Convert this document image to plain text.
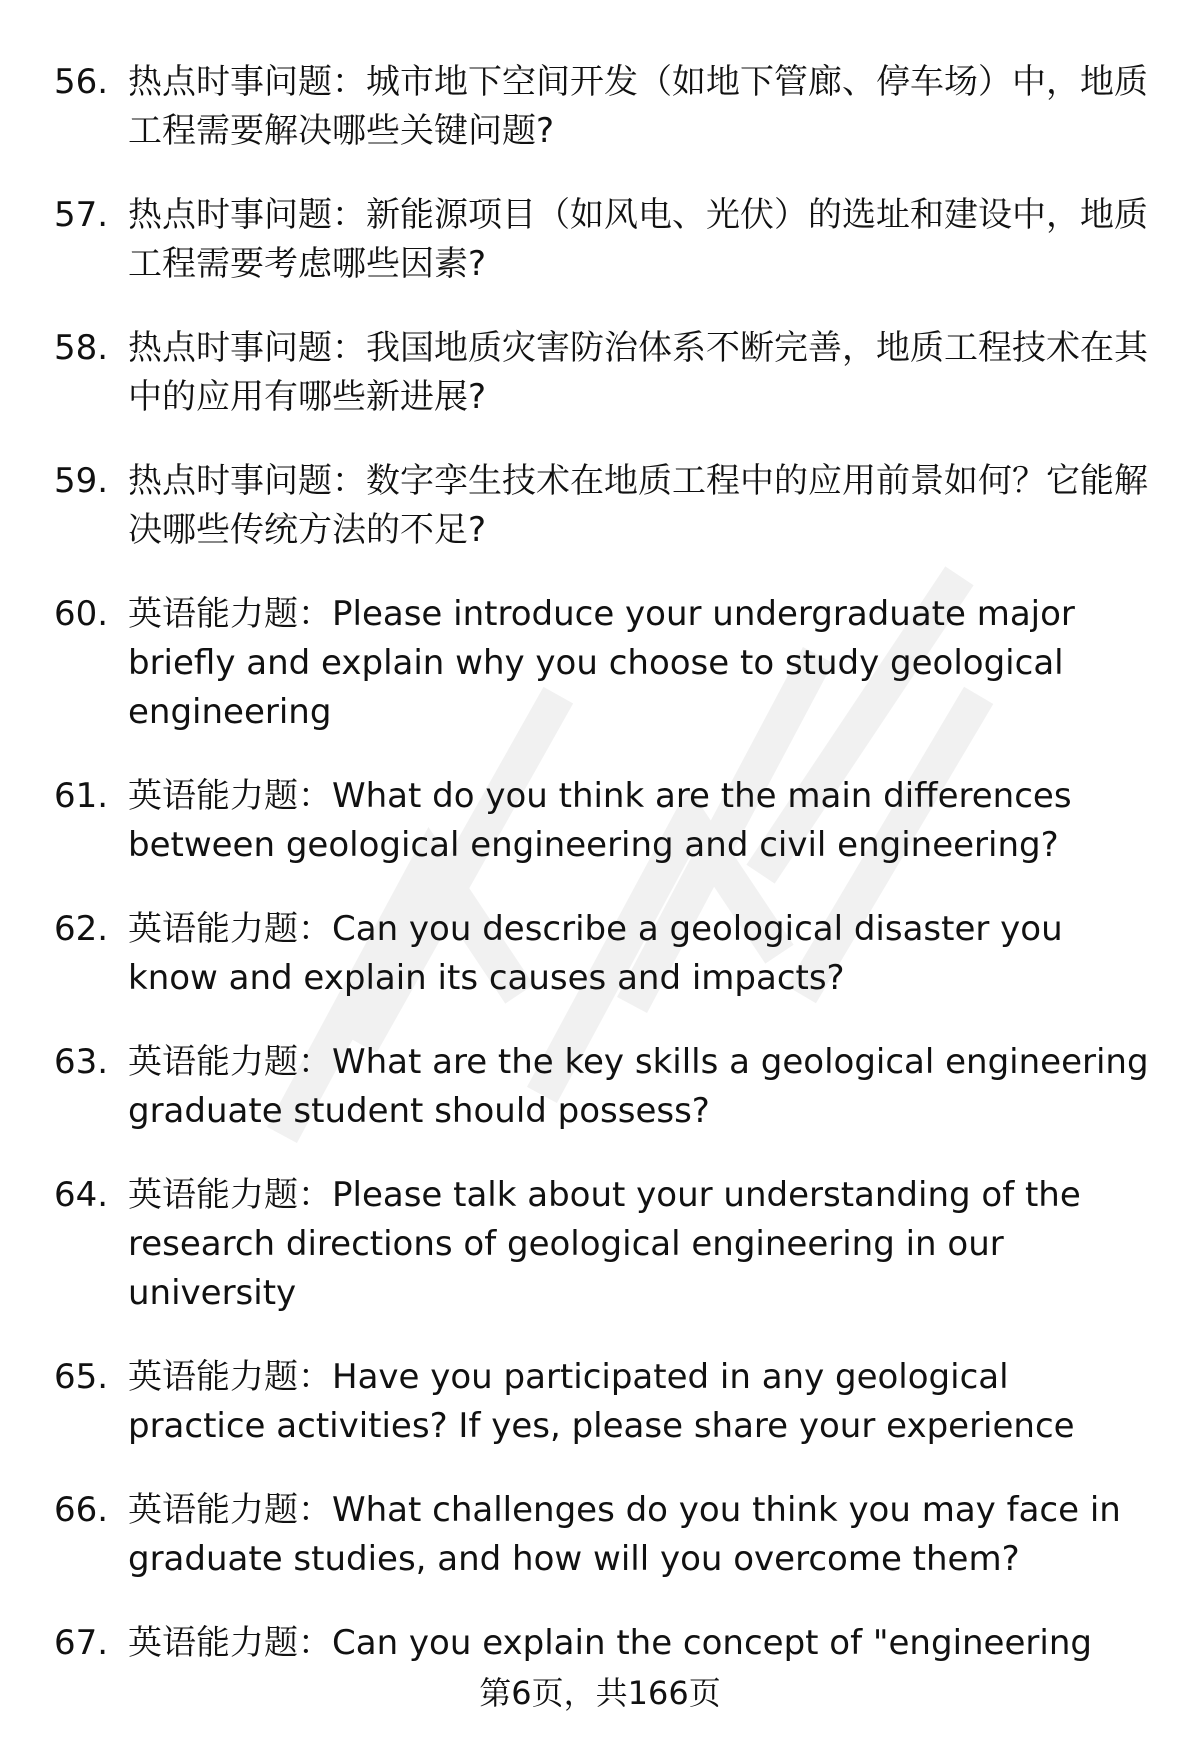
56. 热点时事问题：城市地下空间开发（如地下管廊、停车场）中，地质工程需要解决哪些关键问题?
57. 热点时事问题：新能源项目（如风电、光伏）的选址和建设中，地质工程需要考虑哪些因素?
58. 热点时事问题：我国地质灾害防治体系不断完善，地质工程技术在其中的应用有哪些新进展?
59. 热点时事问题：数字孪生技术在地质工程中的应用前景如何？它能解决哪些传统方法的不足?
60. 英语能力题：Please introduce your undergraduate major briefly and explain why you choose to study geological engineering
61. 英语能力题：What do you think are the main differences between geological engineering and civil engineering?
62. 英语能力题：Can you describe a geological disaster you know and explain its causes and impacts?
63. 英语能力题：What are the key skills a geological engineering graduate student should possess?
64. 英语能力题：Please talk about your understanding of the research directions of geological engineering in our university
65. 英语能力题：Have you participated in any geological practice activities? If yes, please share your experience
66. 英语能力题：What challenges do you think you may face in graduate studies, and how will you overcome them?
67. 英语能力题：Can you explain the concept of "engineering
第6页，共166页
